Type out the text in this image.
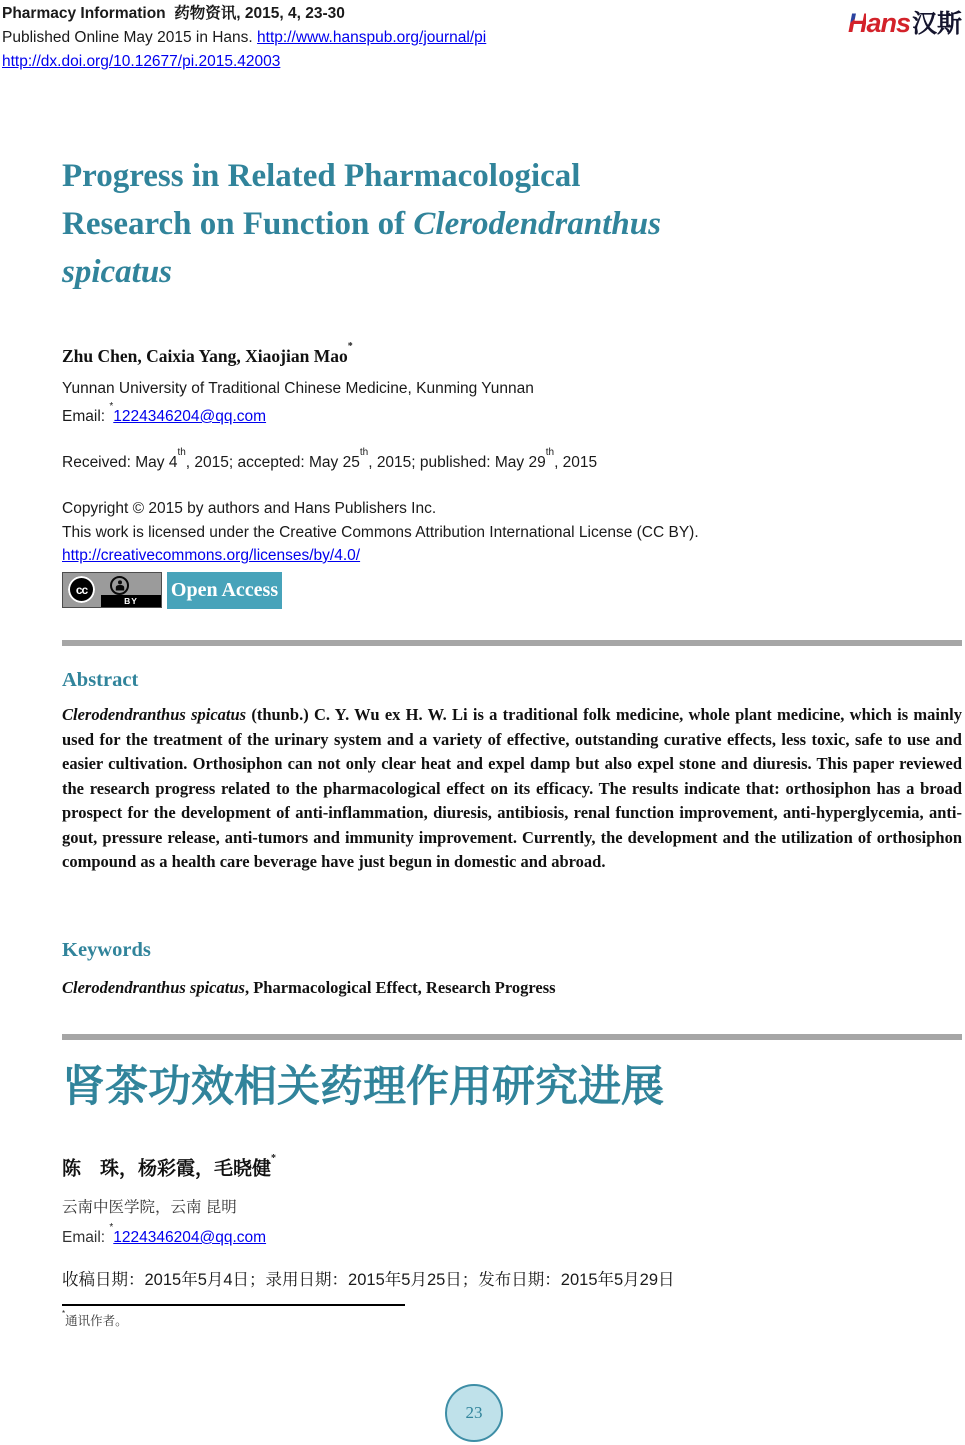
Pharmacy Information 药物资讯, 2015, 4, 23-30
Published Online May 2015 in Hans. http://www.hanspub.org/journal/pi
http://dx.doi.org/10.12677/pi.2015.42003
Hans 汉斯
Progress in Related Pharmacological
Research on Function of Clerodendranthus
spicatus
Zhu Chen, Caixia Yang, Xiaojian Mao*
Yunnan University of Traditional Chinese Medicine, Kunming Yunnan
Email: *1224346204@qq.com
Received: May 4th, 2015; accepted: May 25th, 2015; published: May 29th, 2015
Copyright © 2015 by authors and Hans Publishers Inc.
This work is licensed under the Creative Commons Attribution International License (CC BY).
http://creativecommons.org/licenses/by/4.0/
cc
BY	Open Access
Abstract
Clerodendranthus spicatus (thunb.) C. Y. Wu ex H. W. Li is a traditional folk medicine, whole plant medicine, which is mainly used for the treatment of the urinary system and a variety of effective, outstanding curative effects, less toxic, safe to use and easier cultivation. Orthosiphon can not only clear heat and expel damp but also expel stone and diuresis. This paper reviewed the research progress related to the pharmacological effect on its efficacy. The results indicate that: orthosiphon has a broad prospect for the development of anti-inflammation, diuresis, antibiosis, renal function improvement, anti-hyperglycemia, anti-gout, pressure release, anti-tumors and immunity improvement. Currently, the development and the utilization of orthosiphon compound as a health care beverage have just begun in domestic and abroad.
Keywords
Clerodendranthus spicatus, Pharmacological Effect, Research Progress
肾茶功效相关药理作用研究进展
陈　珠，杨彩霞，毛晓健*
云南中医学院，云南 昆明
Email: *1224346204@qq.com
收稿日期：2015年5月4日；录用日期：2015年5月25日；发布日期：2015年5月29日
*通讯作者。
23
